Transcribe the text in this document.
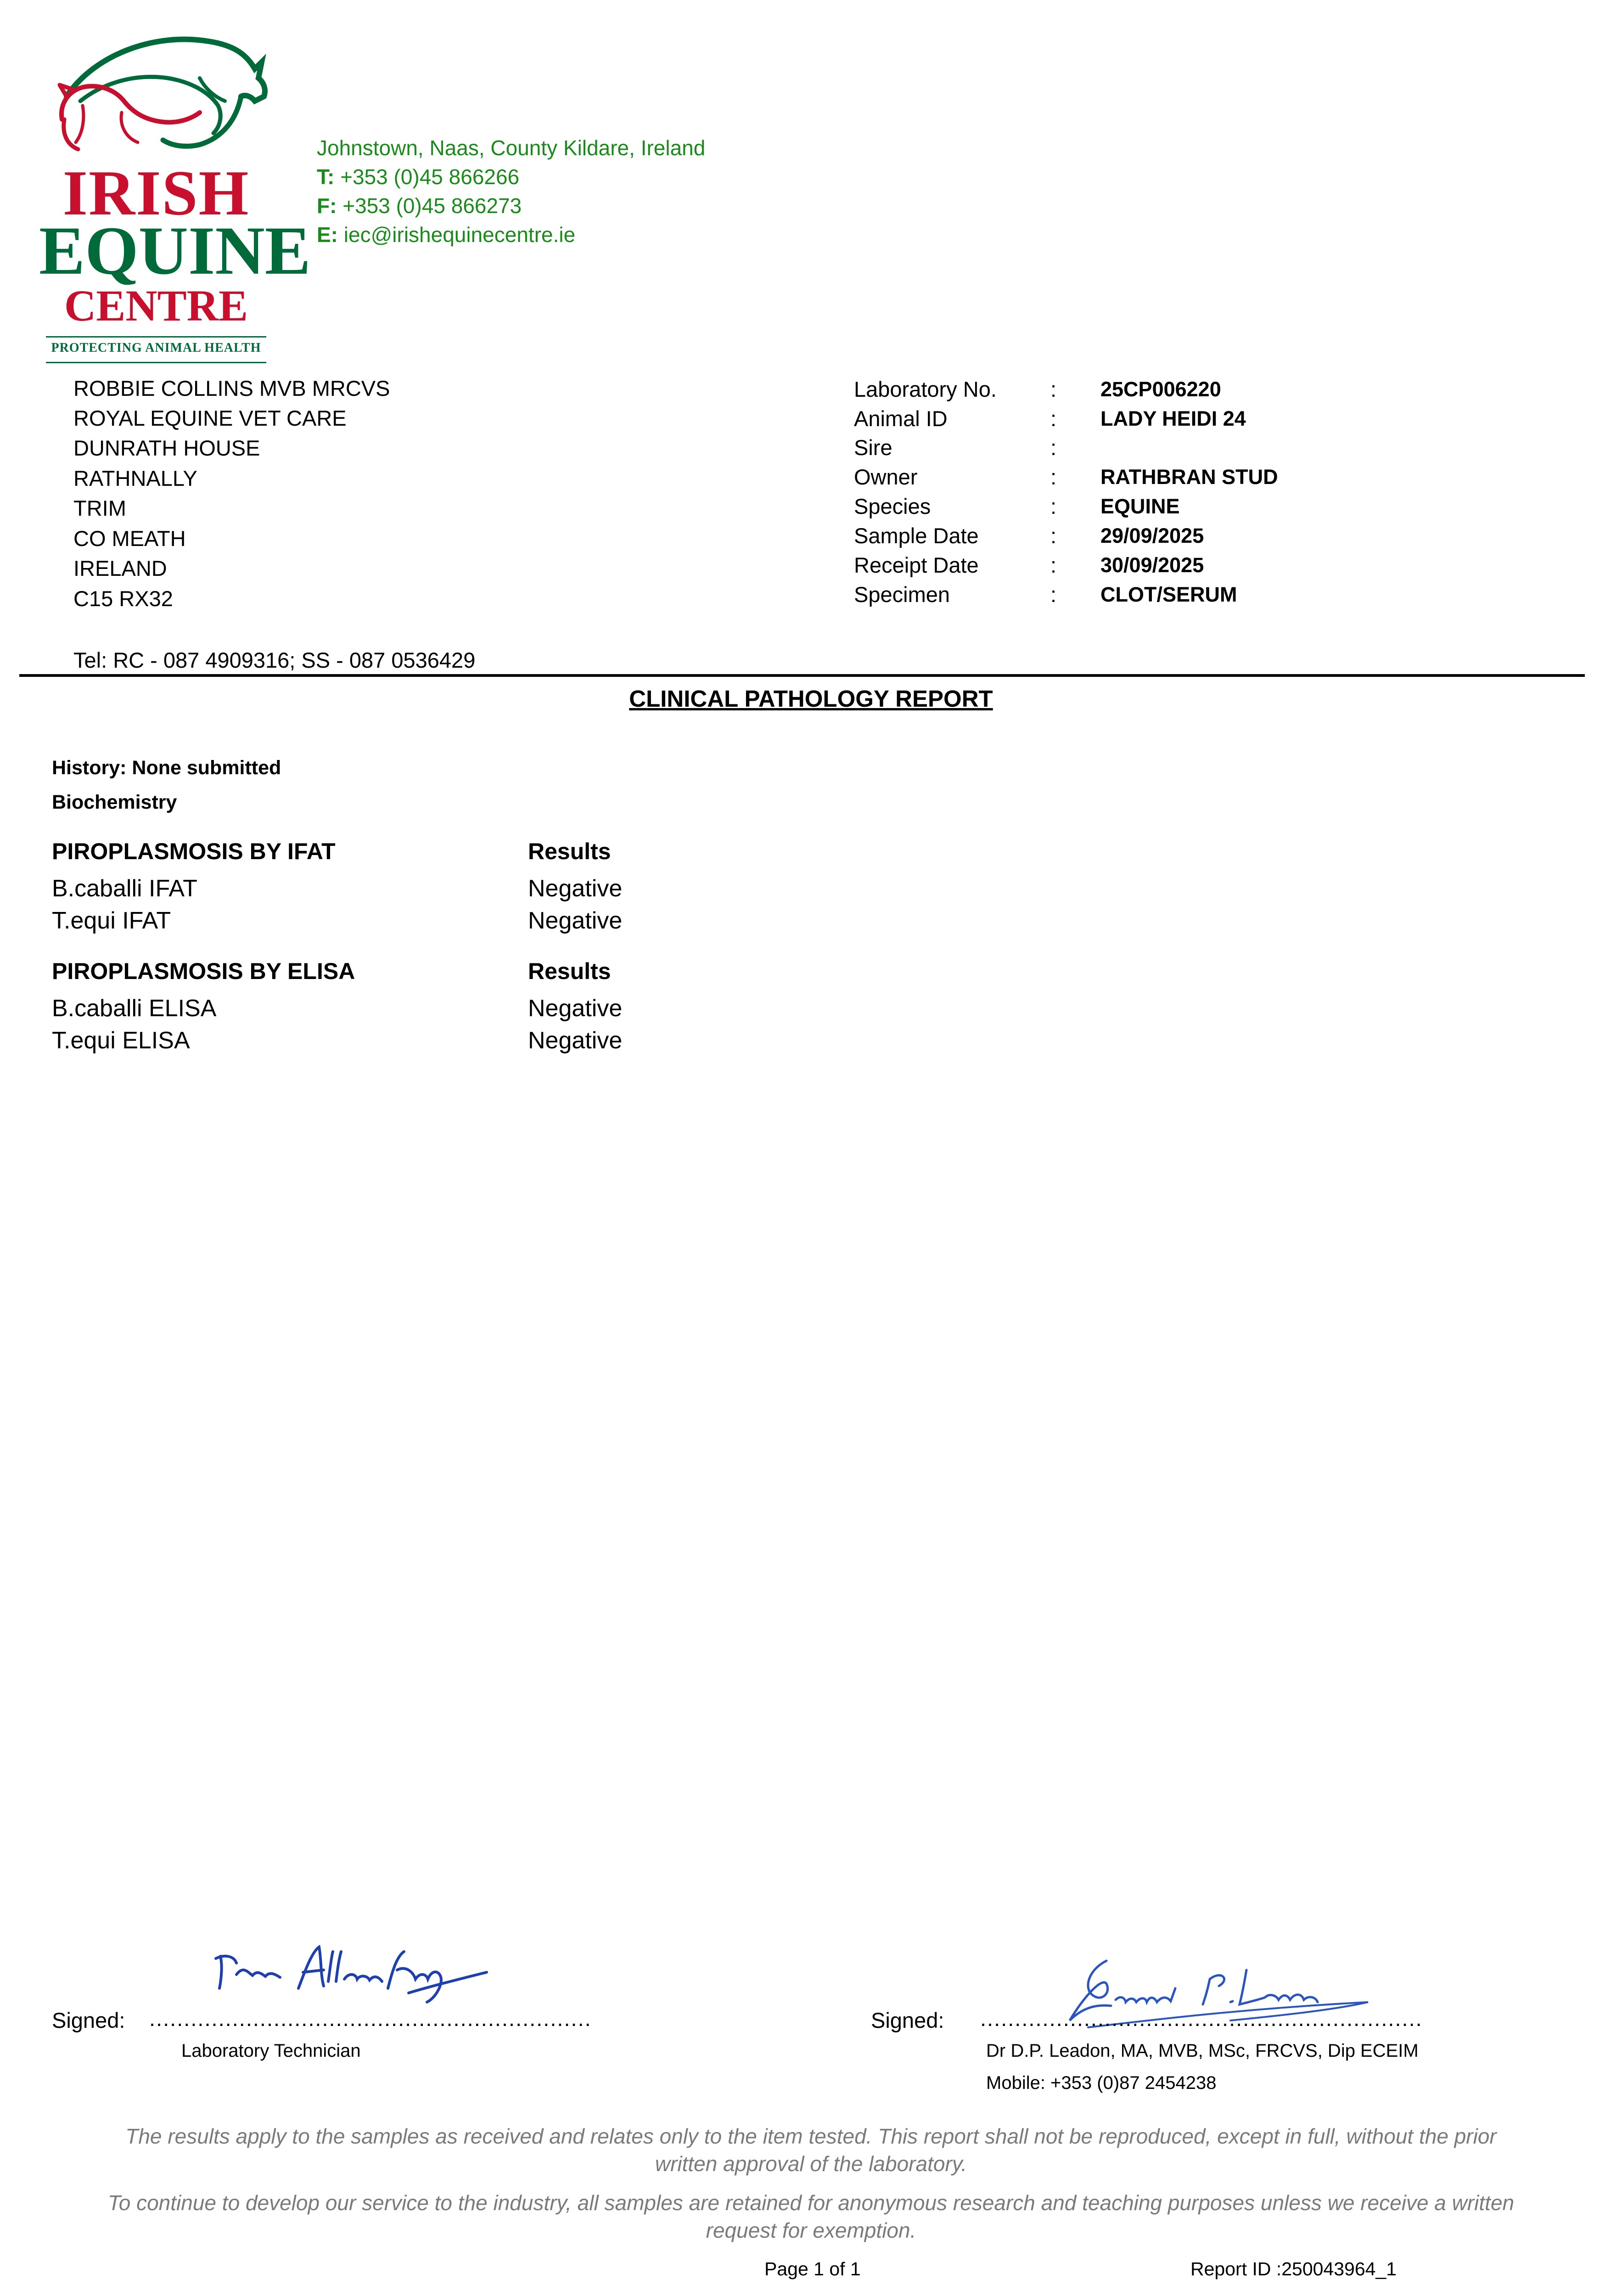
IRISH
EQUINE
CENTRE
PROTECTING ANIMAL HEALTH
Johnstown, Naas, County Kildare, Ireland
T: +353 (0)45 866266
F: +353 (0)45 866273
E: iec@irishequinecentre.ie
ROBBIE COLLINS MVB MRCVS
ROYAL EQUINE VET CARE
DUNRATH HOUSE
RATHNALLY
TRIM
CO MEATH
IRELAND
C15 RX32
Tel: RC - 087 4909316; SS - 087 0536429
Laboratory No. : 25CP006220
Animal ID	: LADY HEIDI 24
Sire	:
Owner	: RATHBRAN STUD
Species	: EQUINE
Sample Date	: 29/09/2025
Receipt Date	: 30/09/2025
Specimen	: CLOT/SERUM
CLINICAL PATHOLOGY REPORT
History: None submitted
Biochemistry
PIROPLASMOSIS BY IFAT	Results
B.caballi IFAT	Negative
T.equi IFAT	Negative
PIROPLASMOSIS BY ELISA	Results
B.caballi ELISA	Negative
T.equi ELISA	Negative
Signed: ................................................................
Laboratory Technician
Signed: ................................................................
Dr D.P. Leadon, MA, MVB, MSc, FRCVS, Dip ECEIM
Mobile: +353 (0)87 2454238
The results apply to the samples as received and relates only to the item tested. This report shall not be reproduced, except in full, without the prior written approval of the laboratory.
To continue to develop our service to the industry, all samples are retained for anonymous research and teaching purposes unless we receive a written request for exemption.
Page 1 of 1	Report ID :250043964_1
